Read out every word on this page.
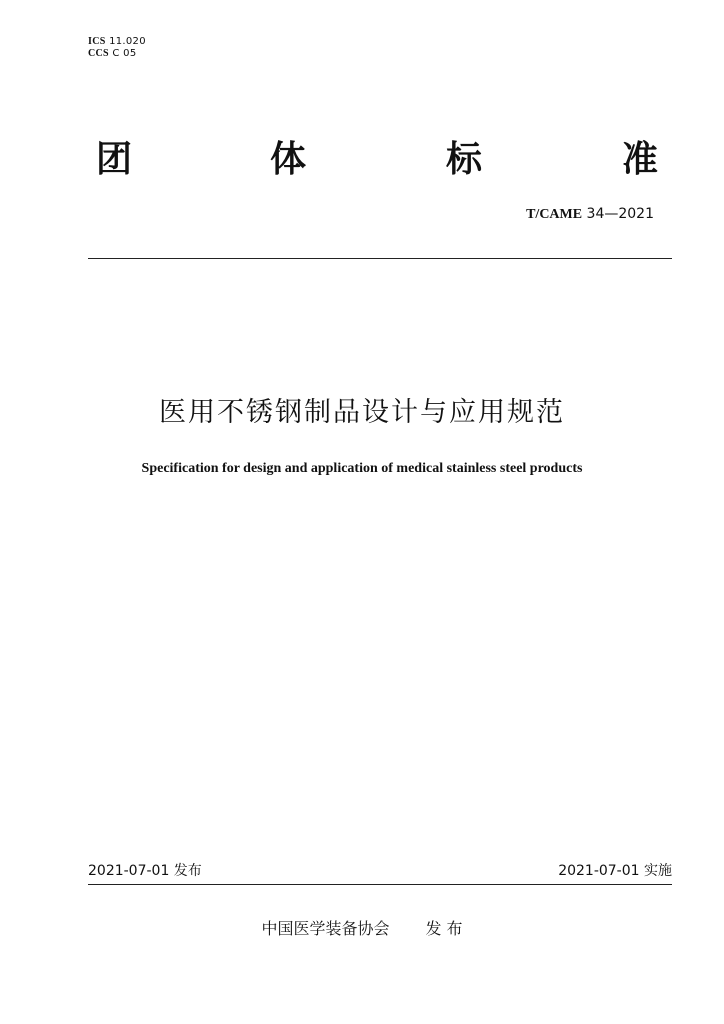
ICS 11.020
CCS C 05
团	体	标	准
T/CAME 34—2021
医用不锈钢制品设计与应用规范
Specification for design and application of medical stainless steel products
2021-07-01 发布	2021-07-01 实施
中国医学装备协会 发 布
